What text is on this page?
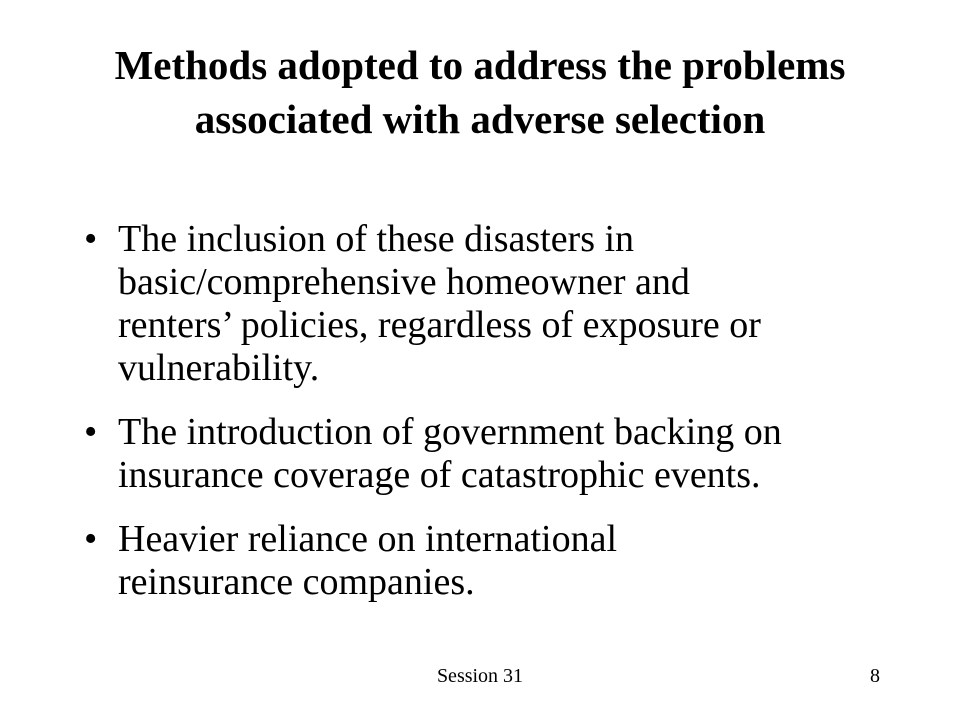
Methods adopted to address the problems
associated with adverse selection
• The inclusion of these disasters in
basic/comprehensive homeowner and
renters’ policies, regardless of exposure or
vulnerability.
• The introduction of government backing on
insurance coverage of catastrophic events.
• Heavier reliance on international
reinsurance companies.
Session 31	8
